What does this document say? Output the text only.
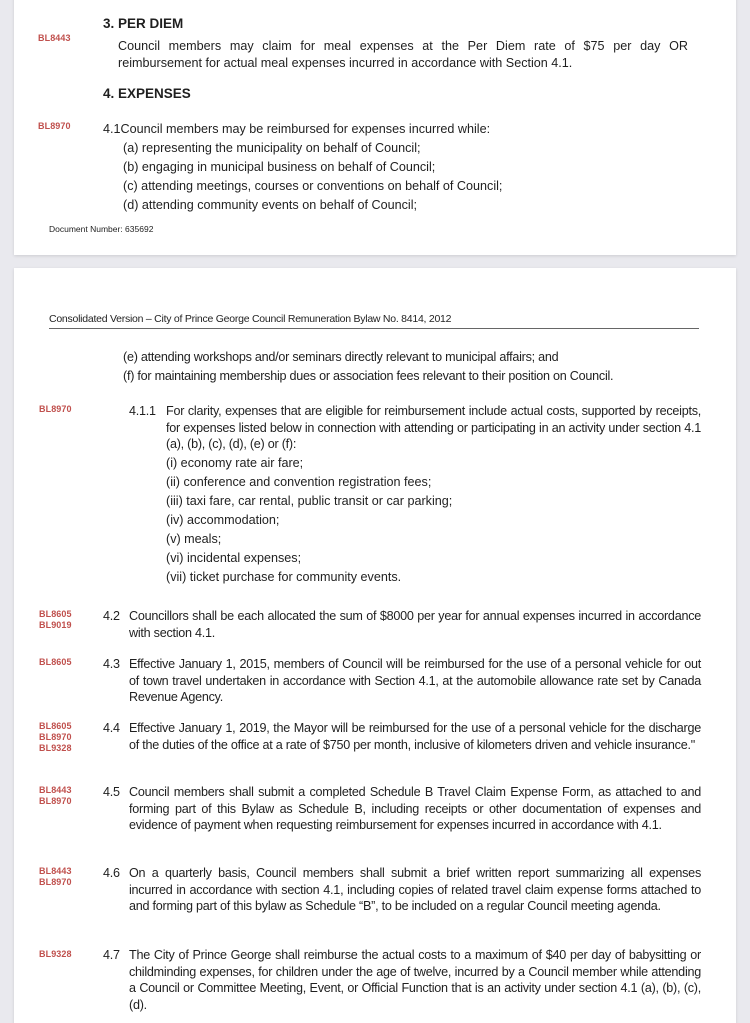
3. PER DIEM
BL8443
Council members may claim for meal expenses at the Per Diem rate of $75 per day OR reimbursement for actual meal expenses incurred in accordance with Section 4.1.
4. EXPENSES
BL8970	4.1Council members may be reimbursed for expenses incurred while:
(a) representing the municipality on behalf of Council;
(b) engaging in municipal business on behalf of Council;
(c) attending meetings, courses or conventions on behalf of Council;
(d) attending community events on behalf of Council;
Document Number: 635692
Consolidated Version – City of Prince George Council Remuneration Bylaw No. 8414, 2012
(e) attending workshops and/or seminars directly relevant to municipal affairs; and
(f) for maintaining membership dues or association fees relevant to their position on Council.
BL8970	4.1.1 For clarity, expenses that are eligible for reimbursement include actual costs, supported by receipts, for expenses listed below in connection with attending or participating in an activity under section 4.1 (a), (b), (c), (d), (e) or (f):
(i) economy rate air fare;
(ii) conference and convention registration fees;
(iii) taxi fare, car rental, public transit or car parking;
(iv) accommodation;
(v) meals;
(vi) incidental expenses;
(vii) ticket purchase for community events.
BL8605
BL9019
4.2 Councillors shall be each allocated the sum of $8000 per year for annual expenses incurred in accordance with section 4.1.
BL8605 4.3 Effective January 1, 2015, members of Council will be reimbursed for the use of a personal vehicle for out of town travel undertaken in accordance with Section 4.1, at the automobile allowance rate set by Canada Revenue Agency.
BL8605
BL8970
BL9328
4.4 Effective January 1, 2019, the Mayor will be reimbursed for the use of a personal vehicle for the discharge of the duties of the office at a rate of $750 per month, inclusive of kilometers driven and vehicle insurance."
BL8443
BL8970
4.5 Council members shall submit a completed Schedule B Travel Claim Expense Form, as attached to and forming part of this Bylaw as Schedule B, including receipts or other documentation of expenses and evidence of payment when requesting reimbursement for expenses incurred in accordance with 4.1.
BL8443
BL8970
4.6 On a quarterly basis, Council members shall submit a brief written report summarizing all expenses incurred in accordance with section 4.1, including copies of related travel claim expense forms attached to and forming part of this bylaw as Schedule “B”, to be included on a regular Council meeting agenda.
BL9328 4.7 The City of Prince George shall reimburse the actual costs to a maximum of $40 per day of babysitting or childminding expenses, for children under the age of twelve, incurred by a Council member while attending a Council or Committee Meeting, Event, or Official Function that is an activity under section 4.1 (a), (b), (c), (d).
